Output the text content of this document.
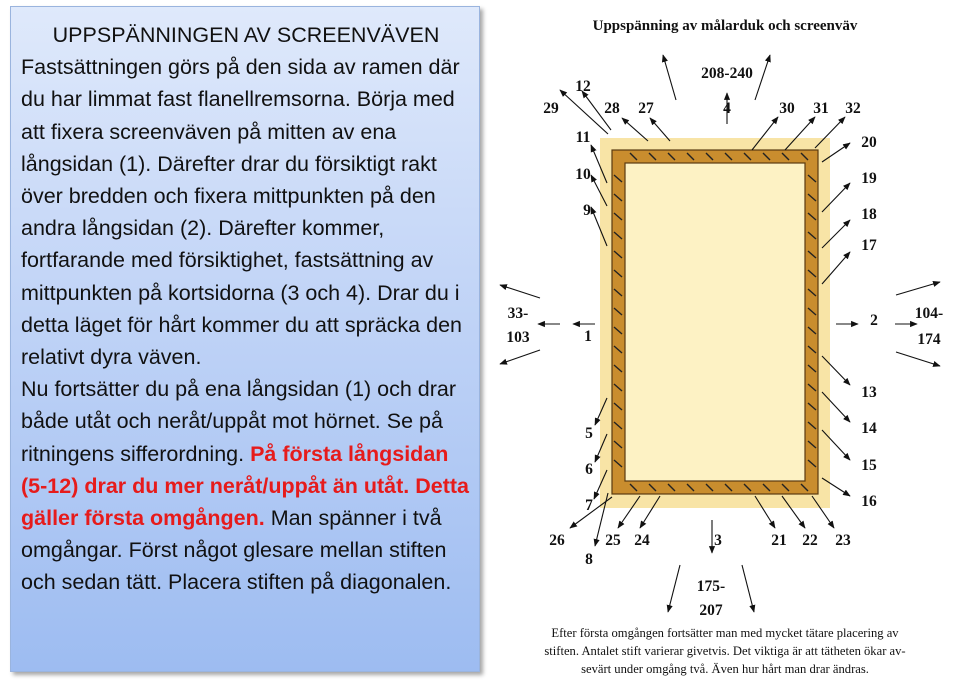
UPPSPÄNNINGEN AV SCREENVÄVEN

Fastsättningen görs på den sida av ramen där du har limmat fast flanellremsorna. Börja med att fixera screenväven på mitten av ena långsidan (1). Därefter drar du försiktigt rakt över bredden och fixera mittpunkten på den andra långsidan (2). Därefter kommer, fortfarande med försiktighet, fastsättning av mittpunkten på kortsidorna (3 och 4). Drar du i detta läget för hårt kommer du att spräcka den relativt dyra väven.

Nu fortsätter du på ena långsidan (1) och drar både utåt och neråt/uppåt mot hörnet. Se på ritningens sifferordning. På första långsidan (5-12) drar du mer neråt/uppåt än utåt. Detta gäller första omgången. Man spänner i två omgångar. Först något glesare mellan stiften och sedan tätt. Placera stiften på diagonalen.

Uppspänning av målarduk och screenväv
208-240
4
12
29	28 27	30 31 32
11
10
9
20
19
18
17
33-
103	1
2 104-
174
13
14
15
16
5
6
7
8
26	25 24	3	21 22 23
175-
207
Efter första omgången fortsätter man med mycket tätare placering av
stiften. Antalet stift varierar givetvis. Det viktiga är att tätheten ökar av-
sevärt under omgång två. Även hur hårt man drar ändras.
